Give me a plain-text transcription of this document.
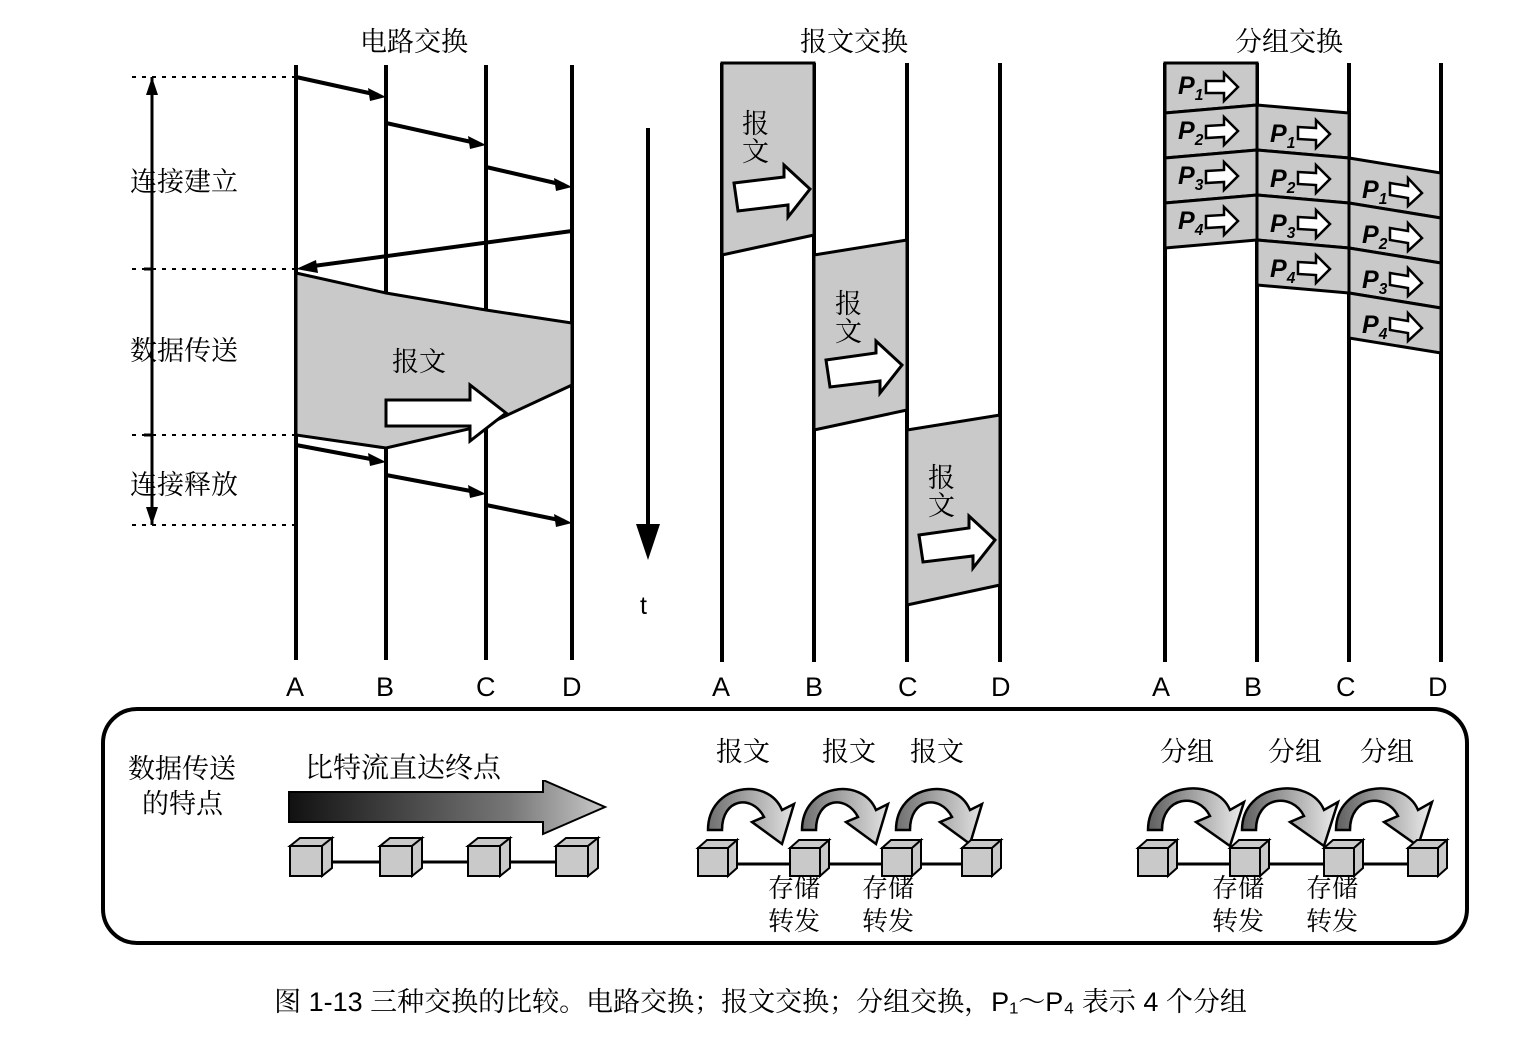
电路交换	报文交换	分组交换
连接建立
数据传送
连接释放
报文
A	B	C D
t
报文
报文
报文
A	B	C	D
$P_1$
$P_2$
$P_3$
$P_4$
$P_1$
$P_2$
$P_3$
$P_4$
$P_1$
$P_2$
$P_3$
$P_4$
A	B	C	D
数据传送
的特点
比特流直达终点	报文 报文 报文
存储
转发
存储
转发
分组 分组 分组
存储
转发
存储
转发
图 1-13 三种交换的比较。电路交换；报文交换；分组交换，P₁～P₄ 表示 4 个分组
